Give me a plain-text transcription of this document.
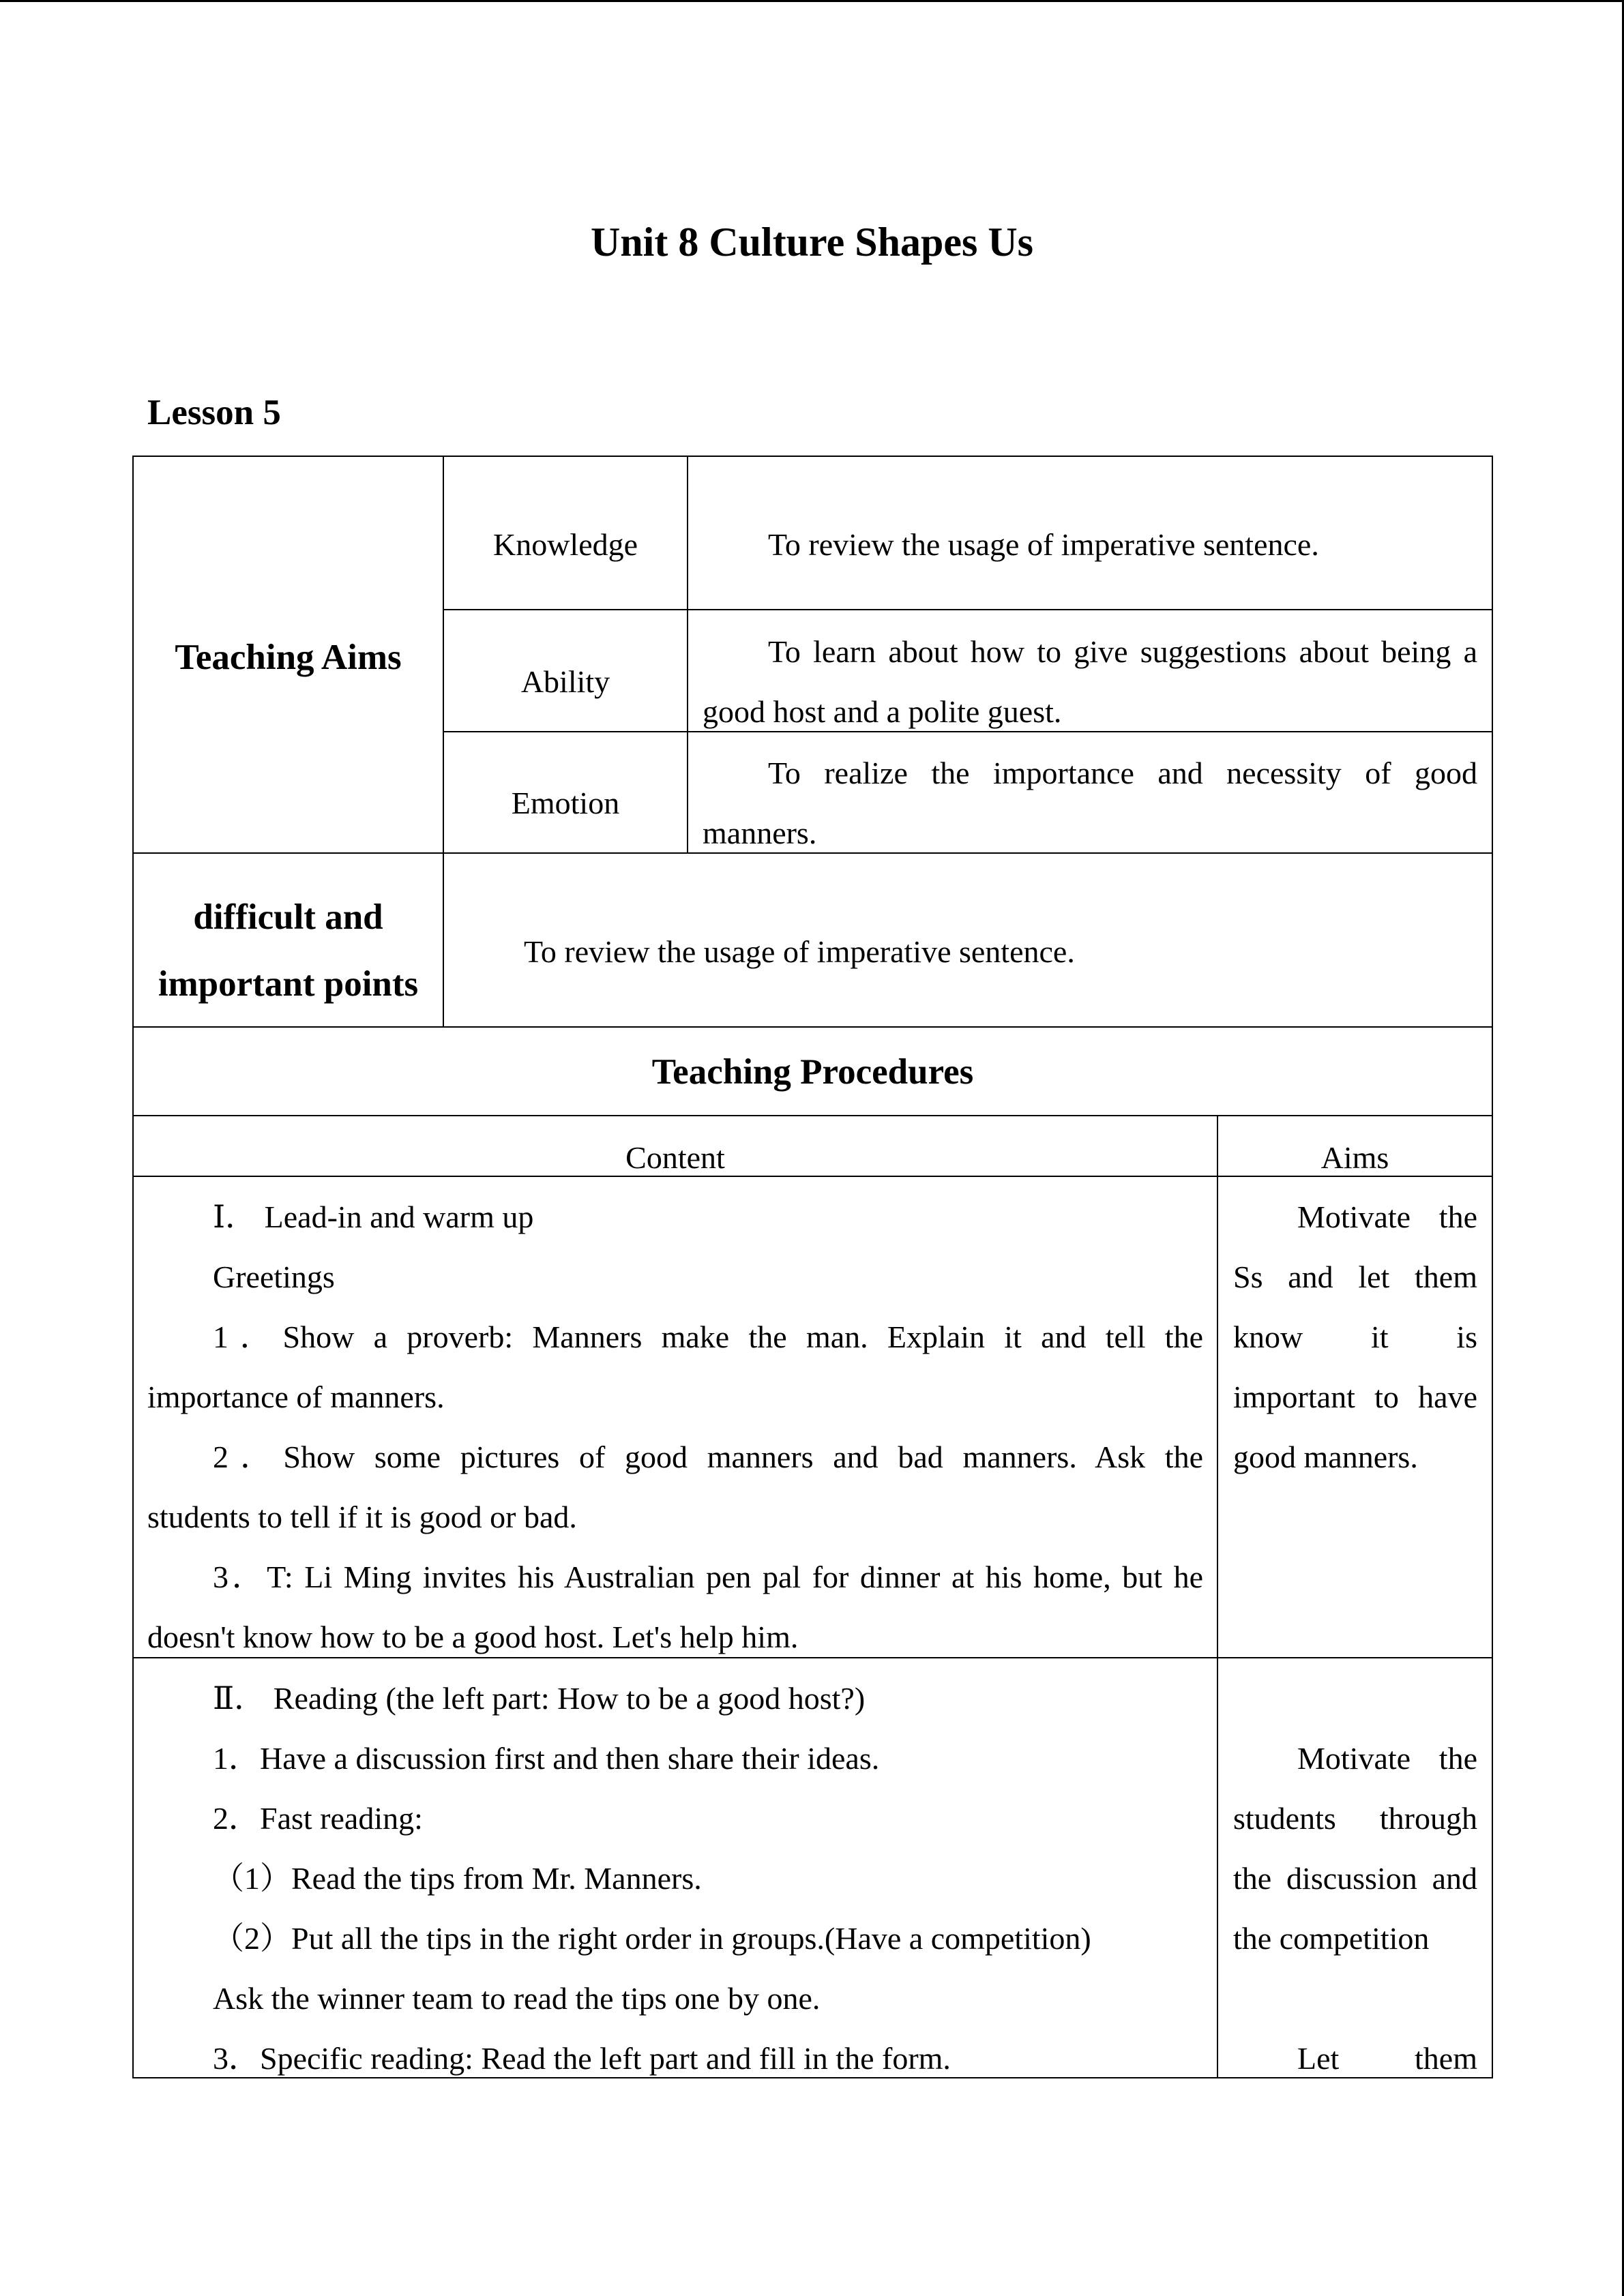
Unit 8 Culture Shapes Us
Lesson 5
Teaching Aims
Knowledge	To review the usage of imperative sentence.
Ability
To learn about how to give suggestions about being a
good host and a polite guest.
Emotion
To realize the importance and necessity of good
manners.
difficult and
important points
To review the usage of imperative sentence.
Teaching Procedures
Content	Aims
Ⅰ． Lead-in and warm up
Greetings
1．Show a proverb: Manners make the man. Explain it and tell the
importance of manners.
2．Show some pictures of good manners and bad manners. Ask the
students to tell if it is good or bad.
3．T: Li Ming invites his Australian pen pal for dinner at his home, but he
doesn't know how to be a good host. Let's help him.
Motivate the
Ss and let them
know it is
important to have
good manners.
Ⅱ． Reading (the left part: How to be a good host?)
1．Have a discussion first and then share their ideas.
2．Fast reading:
（1）Read the tips from Mr. Manners.
（2）Put all the tips in the right order in groups.(Have a competition)
Ask the winner team to read the tips one by one.
3．Specific reading: Read the left part and fill in the form.
Motivate the
students through
the discussion and
the competition
Let them
